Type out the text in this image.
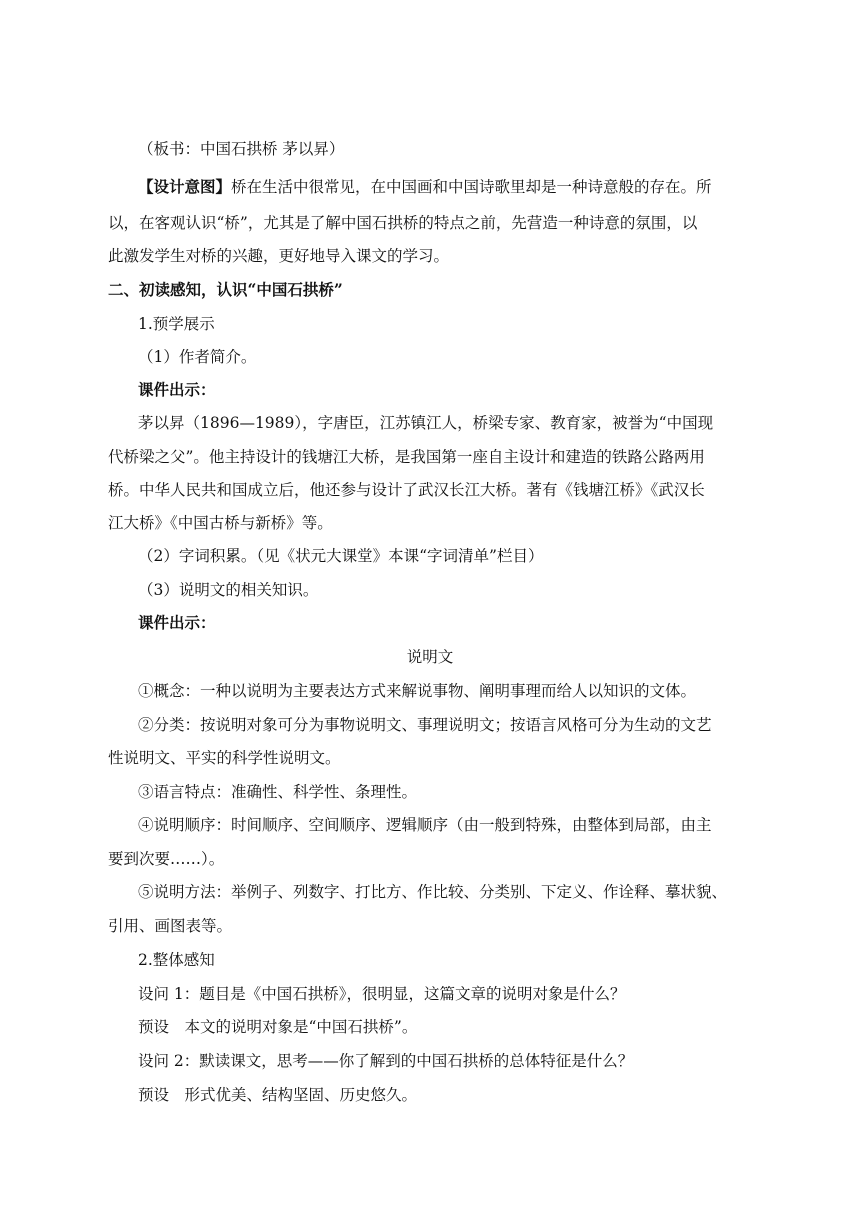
（板书：中国石拱桥 茅以昇）
【设计意图】桥在生活中很常见，在中国画和中国诗歌里却是一种诗意般的存在。所
以，在客观认识“桥”，尤其是了解中国石拱桥的特点之前，先营造一种诗意的氛围，以
此激发学生对桥的兴趣，更好地导入课文的学习。
二、初读感知，认识“中国石拱桥”
1.预学展示
（1）作者简介。
课件出示：
茅以昇（1896—1989），字唐臣，江苏镇江人，桥梁专家、教育家，被誉为“中国现
代桥梁之父”。他主持设计的钱塘江大桥，是我国第一座自主设计和建造的铁路公路两用
桥。中华人民共和国成立后，他还参与设计了武汉长江大桥。著有《钱塘江桥》《武汉长
江大桥》《中国古桥与新桥》等。
（2）字词积累。（见《状元大课堂》本课“字词清单”栏目）
（3）说明文的相关知识。
课件出示：
说明文
①概念：一种以说明为主要表达方式来解说事物、阐明事理而给人以知识的文体。
②分类：按说明对象可分为事物说明文、事理说明文；按语言风格可分为生动的文艺
性说明文、平实的科学性说明文。
③语言特点：准确性、科学性、条理性。
④说明顺序：时间顺序、空间顺序、逻辑顺序（由一般到特殊，由整体到局部，由主
要到次要……）。
⑤说明方法：举例子、列数字、打比方、作比较、分类别、下定义、作诠释、摹状貌、
引用、画图表等。
2.整体感知
设问 1：题目是《中国石拱桥》，很明显，这篇文章的说明对象是什么？
预设　本文的说明对象是“中国石拱桥”。
设问 2：默读课文，思考——你了解到的中国石拱桥的总体特征是什么？
预设　形式优美、结构坚固、历史悠久。
